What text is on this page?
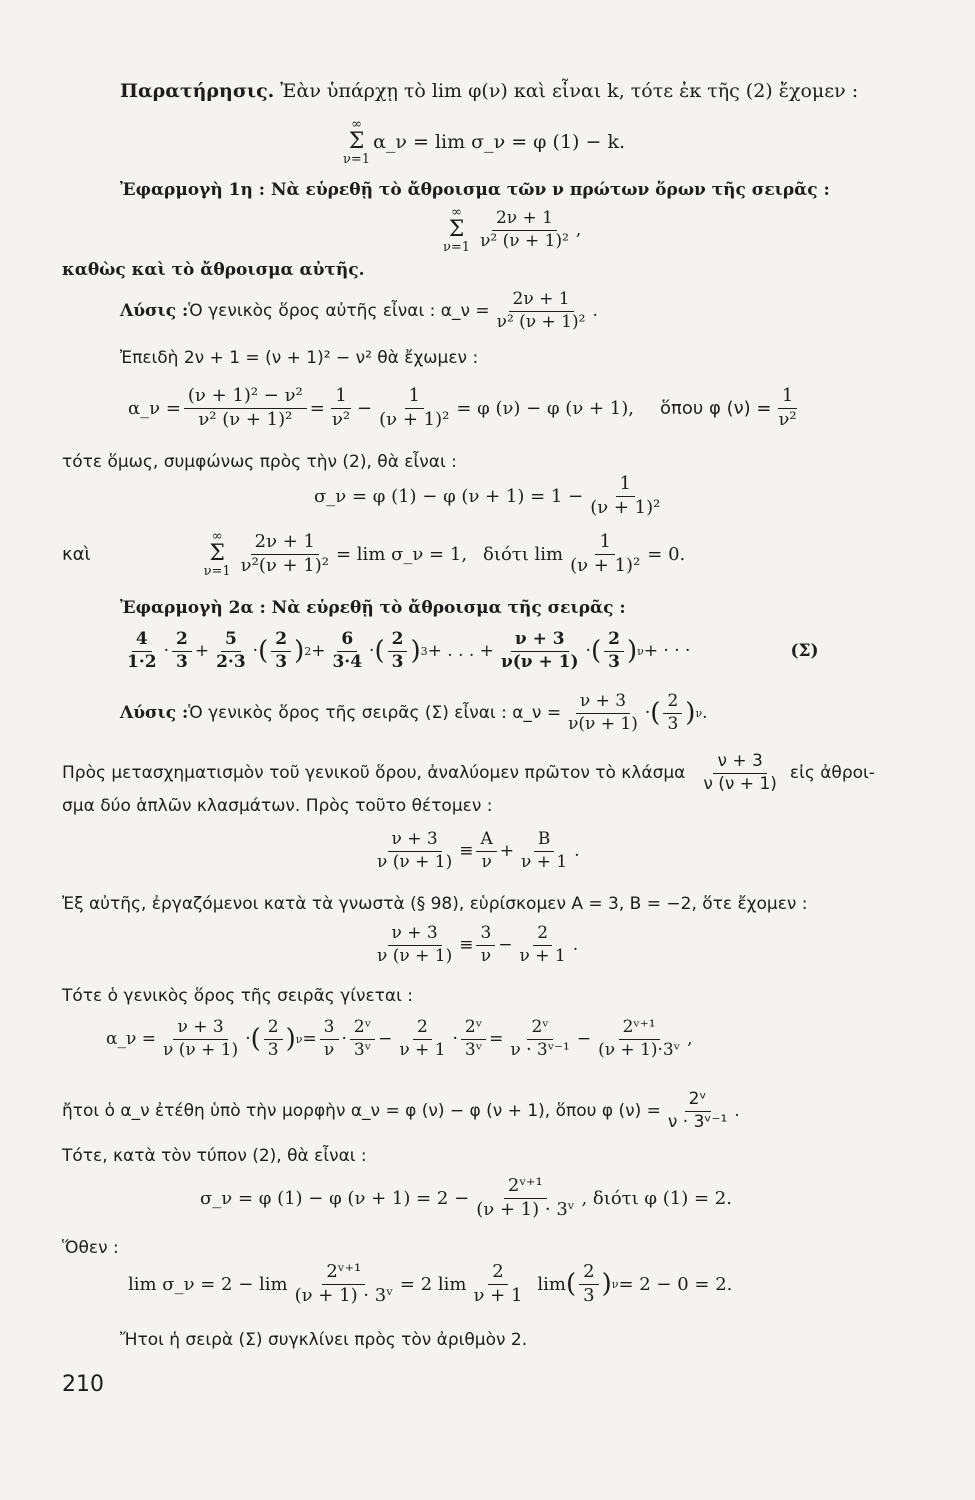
Παρατήρησις. Ἐὰν ὑπάρχῃ τὸ lim φ(ν) καὶ εἶναι k, τότε ἐκ τῆς (2) ἔχομεν :
∞
Σ
ν=1
α_ν = lim σ_ν = φ (1) − k.
Ἐφαρμογὴ 1η : Νὰ εὑρεθῇ τὸ ἄθροισμα τῶν ν πρώτων ὅρων τῆς σειρᾶς :
∞
Σ
$\nu=1 \frac{2\nu + 1}{\text{ν² (ν + 1)²}}$ ,
καθὼς καὶ τὸ ἄθροισμα αὐτῆς.
Λύσις : Ὁ γενικὸς ὅρος αὐτῆς εἶναι : α_ν = $\frac{2\nu + 1}{\text{ν² (ν + 1)²}}$ .
Ἐπειδὴ 2ν + 1 = (ν + 1)² − ν² θὰ ἔχωμεν :
α_ν = $\frac{\text{(ν + 1)² − ν²}}{\text{ν² (ν + 1)²}} = \frac{1}{\text{ν²}} - \frac{1}{\text{(ν + 1)²}} = \varphi$ (ν) − φ (ν + 1), ὅπου φ $(\nu) = \frac{1}{\text{ν²}}$
τότε ὅμως, συμφώνως πρὸς τὴν (2), θὰ εἶναι :
σ_ν = φ (1) − φ $(\nu + 1) = 1 - \frac{1}{\text{(ν + 1)²}}$
καὶ
∞
Σ
$\nu=1 \frac{2\nu + 1}{\text{ν²(ν + 1)²}} = \lim$ σ_ν = 1, διότι $\lim \frac{1}{\text{(ν + 1)²}} = 0$.
Ἐφαρμογὴ 2α : Νὰ εὑρεθῇ τὸ ἄθροισμα τῆς σειρᾶς :
$\frac{4}{1\cdot 2} \cdot \frac{2}{3} + \frac{5}{2\cdot 3}$ · ( $\frac{2}{3}$ ) $2 + \frac{6}{3\cdot 4}$ · ( $\frac{2}{3}$ ) 3 + . . . + $\frac{\nu + 3}{\nu(\nu + 1)}$ · ( $\frac{2}{3}$ ) ν + · · ·	(Σ)
Λύσις : Ὁ γενικὸς ὅρος τῆς σειρᾶς (Σ) εἶναι : α_ν = $\frac{\nu + 3}{\nu(\nu + 1)}$ · ( $\frac{2}{3}$ ) ν .
Πρὸς μετασχηματισμὸν τοῦ γενικοῦ ὅρου, ἀναλύομεν πρῶτον τὸ κλάσμα $\frac{\nu + 3}{\nu (\nu + 1)}$ εἰς ἀθροι-
σμα δύο ἁπλῶν κλασμάτων. Πρὸς τοῦτο θέτομεν :
$\frac{\nu + 3}{\nu (\nu + 1)} \equiv \frac{A}{\nu} + \frac{B}{\nu + 1}$ .
Ἐξ αὐτῆς, ἐργαζόμενοι κατὰ τὰ γνωστὰ (§ 98), εὑρίσκομεν Α = 3, Β = −2, ὅτε ἔχομεν :
$\frac{\nu + 3}{\nu (\nu + 1)} \equiv \frac{3}{\nu} - \frac{2}{\nu + 1}$ .
Τότε ὁ γενικὸς ὅρος τῆς σειρᾶς γίνεται :
α_ν = $\frac{\nu + 3}{\nu (\nu + 1)}$ · ( $\frac{2}{3}$ ) $\nu = \frac{3}{\nu} \cdot \frac{\text{2ᵛ}}{\text{3ᵛ}} - \frac{2}{\nu + 1} \cdot \frac{\text{2ᵛ}}{\text{3ᵛ}} = \frac{\text{2ᵛ}}{\text{ν · 3ᵛ⁻¹}} - \frac{\text{2ᵛ⁺¹}}{\text{(ν + 1)·3ᵛ}}$ ,
ἤτοι ὁ α_ν ἐτέθη ὑπὸ τὴν μορφὴν α_ν = φ (ν) − φ (ν + 1), ὅπου φ $(\nu) = \frac{\text{2ᵛ}}{\text{ν · 3ᵛ⁻¹}}$ .
Τότε, κατὰ τὸν τύπον (2), θὰ εἶναι :
σ_ν = φ (1) − φ $(\nu + 1) = 2 - \frac{\text{2ᵛ⁺¹}}{\text{(ν + 1) · 3ᵛ}}$ , διότι φ (1) = 2.
Ὅθεν :
lim σ_ν = $2 - \lim \frac{\text{2ᵛ⁺¹}}{\text{(ν + 1) · 3ᵛ}} = 2$ $\lim \frac{2}{\nu + 1}$ lim ( $\frac{2}{3}$ ) ν = 2 − 0 = 2.
Ἤτοι ἡ σειρὰ (Σ) συγκλίνει πρὸς τὸν ἀριθμὸν 2.
210
